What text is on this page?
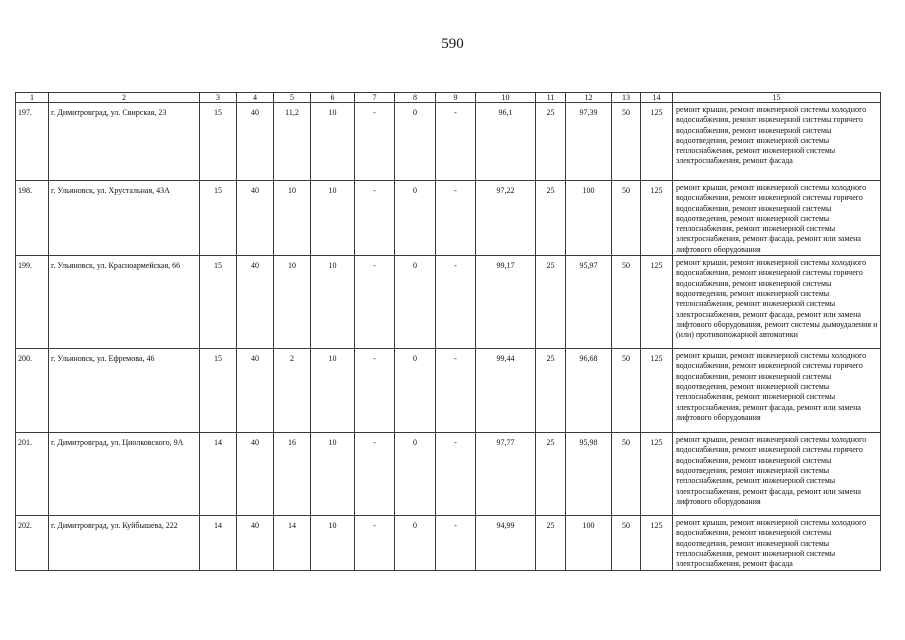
590
1	2	3	4	5	6	7	8	9	10	11	12	13	14	15
197.	г. Димитровград, ул. Свирская, 23	15	40	11,2	10	-	0	-	96,1	25	97,39	50	125	ремонт крыши, ремонт инженерной системы холодного водоснабжения, ремонт инженерной системы горячего водоснабжения, ремонт инженерной системы водоотведения, ремонт инженерной системы теплоснабжения, ремонт инженерной системы электроснабжения, ремонт фасада
198.	г. Ульяновск, ул. Хрустальная, 43А	15	40	10	10	-	0	-	97,22	25	100	50	125	ремонт крыши, ремонт инженерной системы холодного водоснабжения, ремонт инженерной системы горячего водоснабжения, ремонт инженерной системы водоотведения, ремонт инженерной системы теплоснабжения, ремонт инженерной системы электроснабжения, ремонт фасада, ремонт или замена лифтового оборудования
199.	г. Ульяновск, ул. Красноармейская, 66	15	40	10	10	-	0	-	99,17	25	95,97	50	125	ремонт крыши, ремонт инженерной системы холодного водоснабжения, ремонт инженерной системы горячего водоснабжения, ремонт инженерной системы водоотведения, ремонт инженерной системы теплоснабжения, ремонт инженерной системы электроснабжения, ремонт фасада, ремонт или замена лифтового оборудования, ремонт системы дымоудаления и (или) противопожарной автоматики
200.	г. Ульяновск, ул. Ефремова, 46	15	40	2	10	-	0	-	99,44	25	96,68	50	125	ремонт крыши, ремонт инженерной системы холодного водоснабжения, ремонт инженерной системы горячего водоснабжения, ремонт инженерной системы водоотведения, ремонт инженерной системы теплоснабжения, ремонт инженерной системы электроснабжения, ремонт фасада, ремонт или замена лифтового оборудования
201.	г. Димитровград, ул. Циолковского, 9А	14	40	16	10	-	0	-	97,77	25	95,98	50	125	ремонт крыши, ремонт инженерной системы холодного водоснабжения, ремонт инженерной системы горячего водоснабжения, ремонт инженерной системы водоотведения, ремонт инженерной системы теплоснабжения, ремонт инженерной системы электроснабжения, ремонт фасада, ремонт или замена лифтового оборудования
202.	г. Димитровград, ул. Куйбышева, 222	14	40	14	10	-	0	-	94,99	25	100	50	125	ремонт крыши, ремонт инженерной системы холодного водоснабжения, ремонт инженерной системы водоотведения, ремонт инженерной системы теплоснабжения, ремонт инженерной системы электроснабжения, ремонт фасада
